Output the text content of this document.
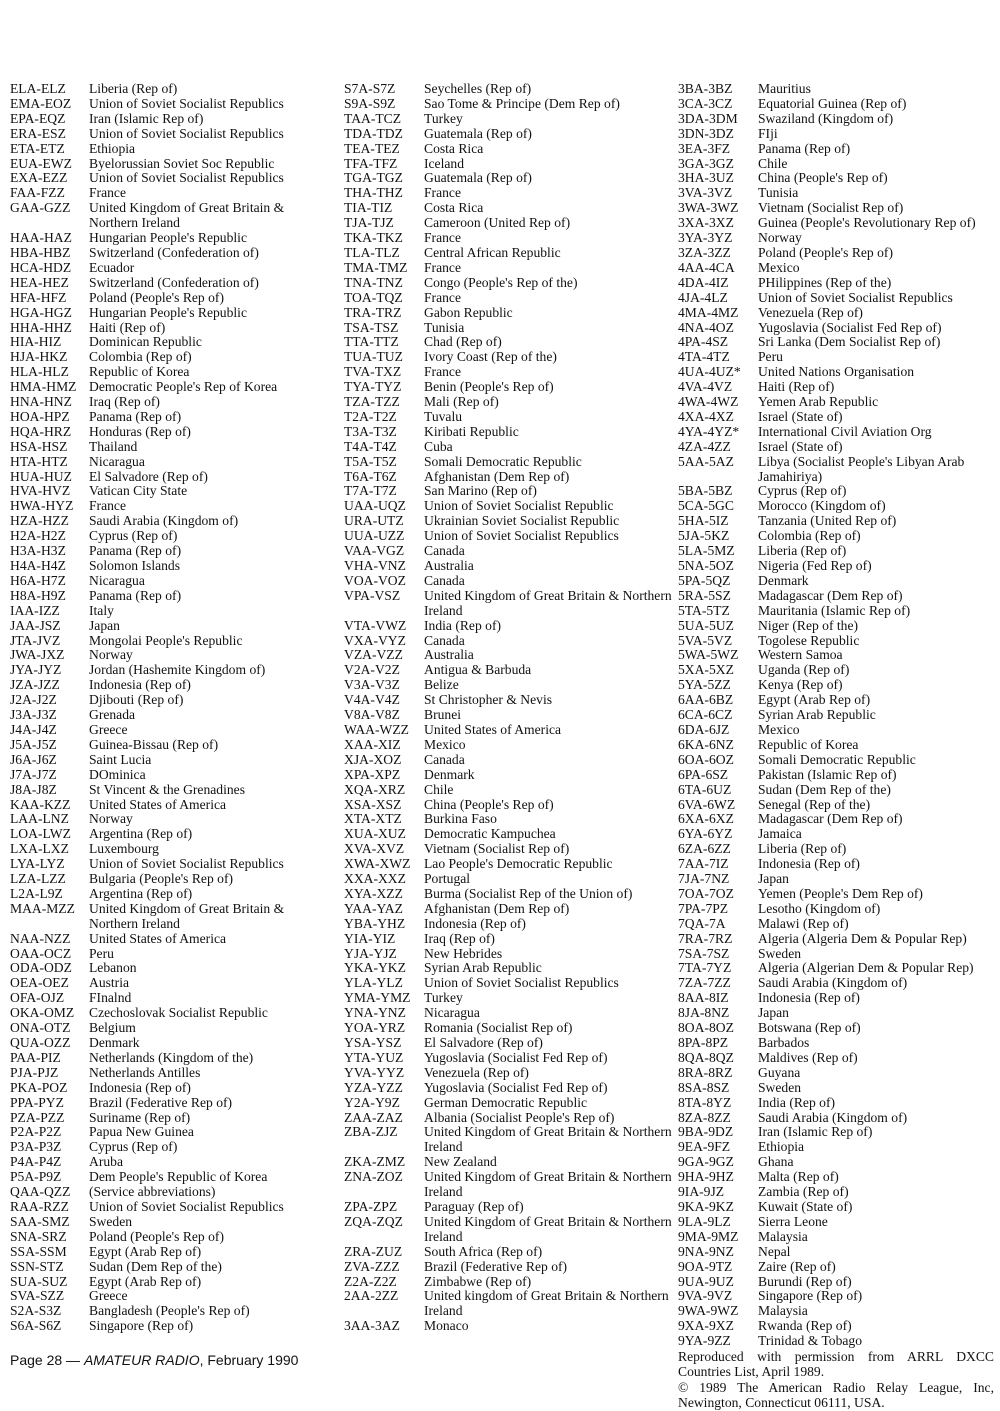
ELA-ELZ	Liberia (Rep of)
EMA-EOZ	Union of Soviet Socialist Republics
EPA-EQZ	Iran (Islamic Rep of)
ERA-ESZ	Union of Soviet Socialist Republics
ETA-ETZ	Ethiopia
EUA-EWZ	Byelorussian Soviet Soc Republic
EXA-EZZ	Union of Soviet Socialist Republics
FAA-FZZ	France
GAA-GZZ	United Kingdom of Great Britain & Northern Ireland
HAA-HAZ	Hungarian People's Republic
HBA-HBZ	Switzerland (Confederation of)
HCA-HDZ	Ecuador
HEA-HEZ	Switzerland (Confederation of)
HFA-HFZ	Poland (People's Rep of)
HGA-HGZ	Hungarian People's Republic
HHA-HHZ	Haiti (Rep of)
HIA-HIZ	Dominican Republic
HJA-HKZ	Colombia (Rep of)
HLA-HLZ	Republic of Korea
HMA-HMZ Democratic People's Rep of Korea
HNA-HNZ	Iraq (Rep of)
HOA-HPZ	Panama (Rep of)
HQA-HRZ	Honduras (Rep of)
HSA-HSZ	Thailand
HTA-HTZ	Nicaragua
HUA-HUZ	El Salvadore (Rep of)
HVA-HVZ	Vatican City State
HWA-HYZ	France
HZA-HZZ	Saudi Arabia (Kingdom of)
H2A-H2Z	Cyprus (Rep of)
H3A-H3Z	Panama (Rep of)
H4A-H4Z	Solomon Islands
H6A-H7Z	Nicaragua
H8A-H9Z	Panama (Rep of)
IAA-IZZ	Italy
JAA-JSZ	Japan
JTA-JVZ	Mongolai People's Republic
JWA-JXZ	Norway
JYA-JYZ	Jordan (Hashemite Kingdom of)
JZA-JZZ	Indonesia (Rep of)
J2A-J2Z	Djibouti (Rep of)
J3A-J3Z	Grenada
J4A-J4Z	Greece
J5A-J5Z	Guinea-Bissau (Rep of)
J6A-J6Z	Saint Lucia
J7A-J7Z	DOminica
J8A-J8Z	St Vincent & the Grenadines
KAA-KZZ	United States of America
LAA-LNZ	Norway
LOA-LWZ	Argentina (Rep of)
LXA-LXZ	Luxembourg
LYA-LYZ	Union of Soviet Socialist Republics
LZA-LZZ	Bulgaria (People's Rep of)
L2A-L9Z	Argentina (Rep of)
MAA-MZZ	United Kingdom of Great Britain & Northern Ireland
NAA-NZZ	United States of America
OAA-OCZ	Peru
ODA-ODZ	Lebanon
OEA-OEZ	Austria
OFA-OJZ	FInalnd
OKA-OMZ	Czechoslovak Socialist Republic
ONA-OTZ	Belgium
QUA-OZZ	Denmark
PAA-PIZ	Netherlands (Kingdom of the)
PJA-PJZ	Netherlands Antilles
PKA-POZ	Indonesia (Rep of)
PPA-PYZ	Brazil (Federative Rep of)
PZA-PZZ	Suriname (Rep of)
P2A-P2Z	Papua New Guinea
P3A-P3Z	Cyprus (Rep of)
P4A-P4Z	Aruba
P5A-P9Z	Dem People's Republic of Korea
QAA-QZZ	(Service abbreviations)
RAA-RZZ	Union of Soviet Socialist Republics
SAA-SMZ	Sweden
SNA-SRZ	Poland (People's Rep of)
SSA-SSM	Egypt (Arab Rep of)
SSN-STZ	Sudan (Dem Rep of the)
SUA-SUZ	Egypt (Arab Rep of)
SVA-SZZ	Greece
S2A-S3Z	Bangladesh (People's Rep of)
S6A-S6Z	Singapore (Rep of)
S7A-S7Z	Seychelles (Rep of)
S9A-S9Z	Sao Tome & Principe (Dem Rep of)
TAA-TCZ	Turkey
TDA-TDZ	Guatemala (Rep of)
TEA-TEZ	Costa Rica
TFA-TFZ	Iceland
TGA-TGZ	Guatemala (Rep of)
THA-THZ	France
TIA-TIZ	Costa Rica
TJA-TJZ	Cameroon (United Rep of)
TKA-TKZ	France
TLA-TLZ	Central African Republic
TMA-TMZ	France
TNA-TNZ	Congo (People's Rep of the)
TOA-TQZ	France
TRA-TRZ	Gabon Republic
TSA-TSZ	Tunisia
TTA-TTZ	Chad (Rep of)
TUA-TUZ	Ivory Coast (Rep of the)
TVA-TXZ	France
TYA-TYZ	Benin (People's Rep of)
TZA-TZZ	Mali (Rep of)
T2A-T2Z	Tuvalu
T3A-T3Z	Kiribati Republic
T4A-T4Z	Cuba
T5A-T5Z	Somali Democratic Republic
T6A-T6Z	Afghanistan (Dem Rep of)
T7A-T7Z	San Marino (Rep of)
UAA-UQZ	Union of Soviet Socialist Republic
URA-UTZ	Ukrainian Soviet Socialist Republic
UUA-UZZ	Union of Soviet Socialist Republics
VAA-VGZ	Canada
VHA-VNZ	Australia
VOA-VOZ	Canada
VPA-VSZ	United Kingdom of Great Britain & Northern Ireland
VTA-VWZ	India (Rep of)
VXA-VYZ	Canada
VZA-VZZ	Australia
V2A-V2Z	Antigua & Barbuda
V3A-V3Z	Belize
V4A-V4Z	St Christopher & Nevis
V8A-V8Z	Brunei
WAA-WZZ	United States of America
XAA-XIZ	Mexico
XJA-XOZ	Canada
XPA-XPZ	Denmark
XQA-XRZ	Chile
XSA-XSZ	China (People's Rep of)
XTA-XTZ	Burkina Faso
XUA-XUZ	Democratic Kampuchea
XVA-XVZ	Vietnam (Socialist Rep of)
XWA-XWZ Lao People's Democratic Republic
XXA-XXZ	Portugal
XYA-XZZ	Burma (Socialist Rep of the Union of)
YAA-YAZ	Afghanistan (Dem Rep of)
YBA-YHZ	Indonesia (Rep of)
YIA-YIZ	Iraq (Rep of)
YJA-YJZ	New Hebrides
YKA-YKZ	Syrian Arab Republic
YLA-YLZ	Union of Soviet Socialist Republics
YMA-YMZ Turkey
YNA-YNZ	Nicaragua
YOA-YRZ	Romania (Socialist Rep of)
YSA-YSZ	El Salvadore (Rep of)
YTA-YUZ	Yugoslavia (Socialist Fed Rep of)
YVA-YYZ	Venezuela (Rep of)
YZA-YZZ	Yugoslavia (Socialist Fed Rep of)
Y2A-Y9Z	German Democratic Republic
ZAA-ZAZ	Albania (Socialist People's Rep of)
ZBA-ZJZ	United Kingdom of Great Britain & Northern Ireland
ZKA-ZMZ	New Zealand
ZNA-ZOZ	United Kingdom of Great Britain & Northern Ireland
ZPA-ZPZ	Paraguay (Rep of)
ZQA-ZQZ	United Kingdom of Great Britain & Northern Ireland
ZRA-ZUZ	South Africa (Rep of)
ZVA-ZZZ	Brazil (Federative Rep of)
Z2A-Z2Z	Zimbabwe (Rep of)
2AA-2ZZ	United kingdom of Great Britain & Northern Ireland
3AA-3AZ	Monaco
3BA-3BZ	Mauritius
3CA-3CZ	Equatorial Guinea (Rep of)
3DA-3DM	Swaziland (Kingdom of)
3DN-3DZ	FIji
3EA-3FZ	Panama (Rep of)
3GA-3GZ	Chile
3HA-3UZ	China (People's Rep of)
3VA-3VZ	Tunisia
3WA-3WZ	Vietnam (Socialist Rep of)
3XA-3XZ	Guinea (People's Revolutionary Rep of)
3YA-3YZ	Norway
3ZA-3ZZ	Poland (People's Rep of)
4AA-4CA	Mexico
4DA-4IZ	PHilippines (Rep of the)
4JA-4LZ	Union of Soviet Socialist Republics
4MA-4MZ	Venezuela (Rep of)
4NA-4OZ	Yugoslavia (Socialist Fed Rep of)
4PA-4SZ	Sri Lanka (Dem Socialist Rep of)
4TA-4TZ	Peru
4UA-4UZ*	United Nations Organisation
4VA-4VZ	Haiti (Rep of)
4WA-4WZ	Yemen Arab Republic
4XA-4XZ	Israel (State of)
4YA-4YZ*	International Civil Aviation Org
4ZA-4ZZ	Israel (State of)
5AA-5AZ	Libya (Socialist People's Libyan Arab Jamahiriya)
5BA-5BZ	Cyprus (Rep of)
5CA-5GC	Morocco (Kingdom of)
5HA-5IZ	Tanzania (United Rep of)
5JA-5KZ	Colombia (Rep of)
5LA-5MZ	Liberia (Rep of)
5NA-5OZ	Nigeria (Fed Rep of)
5PA-5QZ	Denmark
5RA-5SZ	Madagascar (Dem Rep of)
5TA-5TZ	Mauritania (Islamic Rep of)
5UA-5UZ	Niger (Rep of the)
5VA-5VZ	Togolese Republic
5WA-5WZ	Western Samoa
5XA-5XZ	Uganda (Rep of)
5YA-5ZZ	Kenya (Rep of)
6AA-6BZ	Egypt (Arab Rep of)
6CA-6CZ	Syrian Arab Republic
6DA-6JZ	Mexico
6KA-6NZ	Republic of Korea
6OA-6OZ	Somali Democratic Republic
6PA-6SZ	Pakistan (Islamic Rep of)
6TA-6UZ	Sudan (Dem Rep of the)
6VA-6WZ	Senegal (Rep of the)
6XA-6XZ	Madagascar (Dem Rep of)
6YA-6YZ	Jamaica
6ZA-6ZZ	Liberia (Rep of)
7AA-7IZ	Indonesia (Rep of)
7JA-7NZ	Japan
7OA-7OZ	Yemen (People's Dem Rep of)
7PA-7PZ	Lesotho (Kingdom of)
7QA-7A	Malawi (Rep of)
7RA-7RZ	Algeria (Algeria Dem & Popular Rep)
7SA-7SZ	Sweden
7TA-7YZ	Algeria (Algerian Dem & Popular Rep)
7ZA-7ZZ	Saudi Arabia (Kingdom of)
8AA-8IZ	Indonesia (Rep of)
8JA-8NZ	Japan
8OA-8OZ	Botswana (Rep of)
8PA-8PZ	Barbados
8QA-8QZ	Maldives (Rep of)
8RA-8RZ	Guyana
8SA-8SZ	Sweden
8TA-8YZ	India (Rep of)
8ZA-8ZZ	Saudi Arabia (Kingdom of)
9BA-9DZ	Iran (Islamic Rep of)
9EA-9FZ	Ethiopia
9GA-9GZ	Ghana
9HA-9HZ	Malta (Rep of)
9IA-9JZ	Zambia (Rep of)
9KA-9KZ	Kuwait (State of)
9LA-9LZ	Sierra Leone
9MA-9MZ	Malaysia
9NA-9NZ	Nepal
9OA-9TZ	Zaire (Rep of)
9UA-9UZ	Burundi (Rep of)
9VA-9VZ	Singapore (Rep of)
9WA-9WZ	Malaysia
9XA-9XZ	Rwanda (Rep of)
9YA-9ZZ	Trinidad & Tobago
Reproduced with permission from ARRL DXCC Countries List, April 1989.
© 1989 The American Radio Relay League, Inc, Newington, Connecticut 06111, USA.
Page 28 — AMATEUR RADIO, February 1990
